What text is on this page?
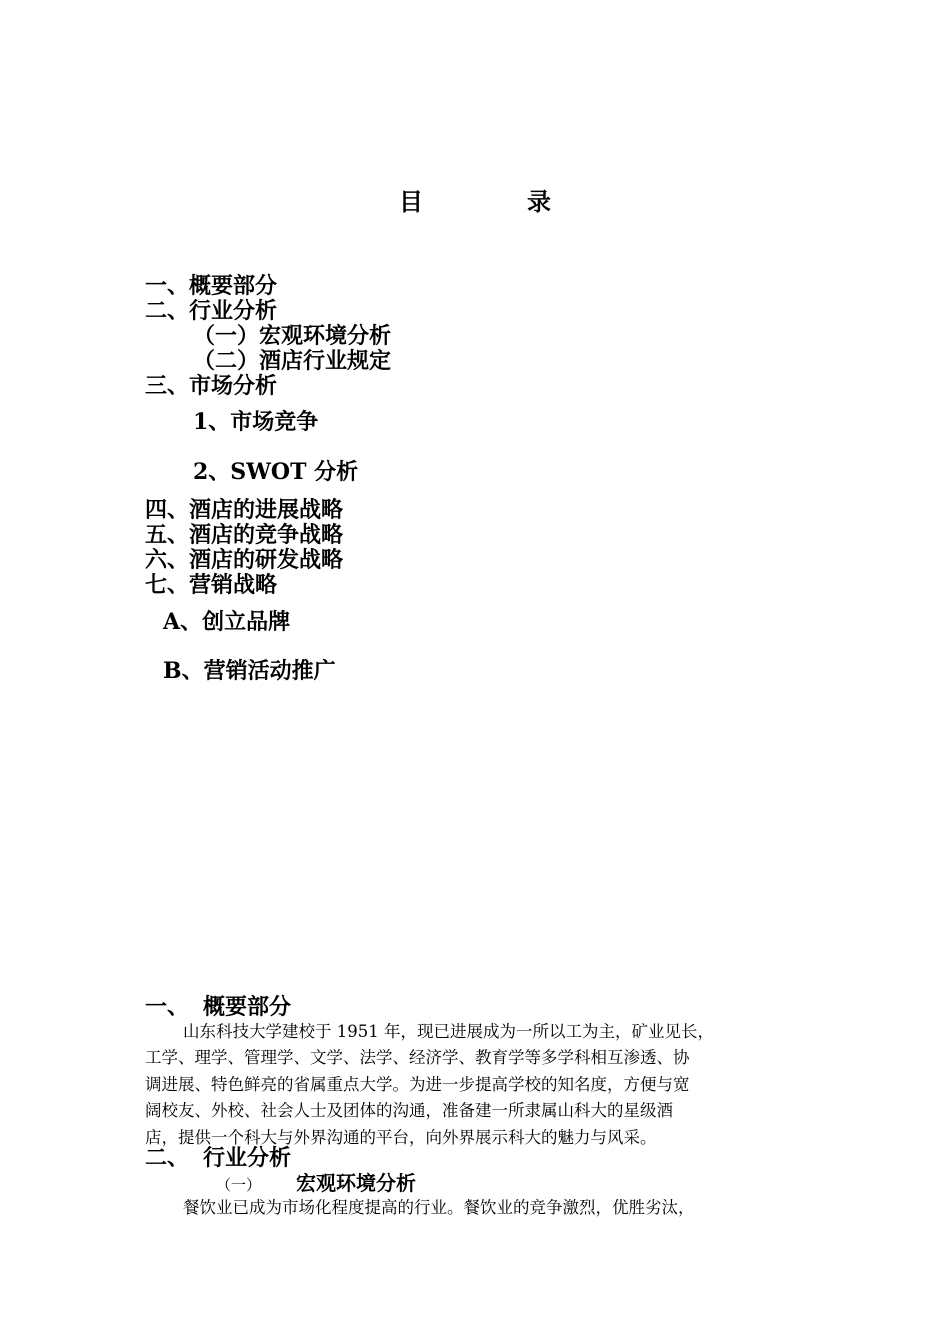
目　录
一、概要部分
二、行业分析
（一）宏观环境分析
（二）酒店行业规定
三、市场分析
1、市场竞争
2、SWOT 分析
四、酒店的进展战略
五、酒店的竞争战略
六、酒店的研发战略
七、营销战略
A、创立品牌
B、营销活动推广
一、 概要部分
山东科技大学建校于 1951 年，现已进展成为一所以工为主，矿业见长，
工学、理学、管理学、文学、法学、经济学、教育学等多学科相互渗透、协
调进展、特色鲜亮的省属重点大学。为进一步提高学校的知名度，方便与宽
阔校友、外校、社会人士及团体的沟通，准备建一所隶属山科大的星级酒
店，提供一个科大与外界沟通的平台，向外界展示科大的魅力与风采。
二、 行业分析
（一） 宏观环境分析
餐饮业已成为市场化程度提高的行业。餐饮业的竞争激烈，优胜劣汰，
